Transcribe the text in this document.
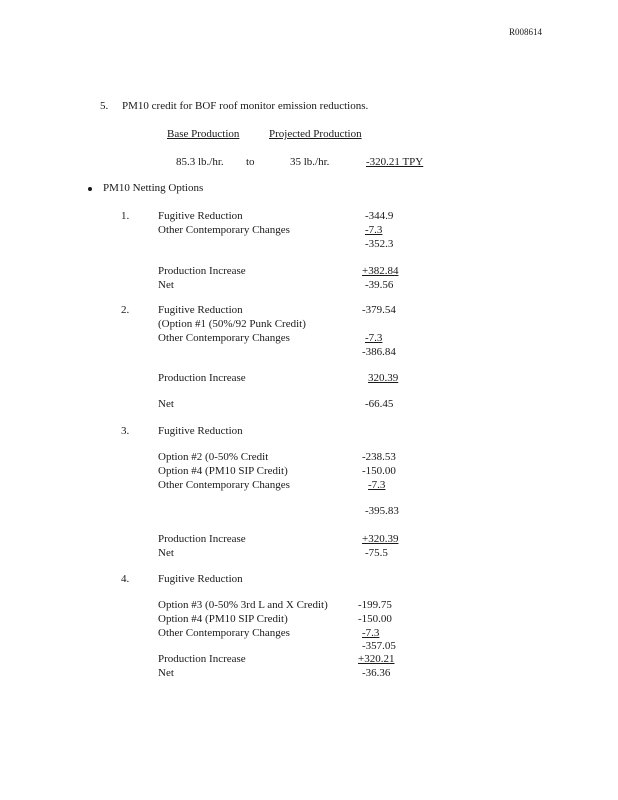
R008614
5. PM10 credit for BOF roof monitor emission reductions.
Base Production	Projected Production
85.3 lb./hr. to	35 lb./hr.	-320.21 TPY
PM10 Netting Options
1.	Fugitive Reduction	-344.9
Other Contemporary Changes	-7.3
-352.3
Production Increase	+382.84
Net	-39.56
2.	Fugitive Reduction	-379.54
(Option #1 (50%/92 Punk Credit)
Other Contemporary Changes	-7.3
-386.84
Production Increase	320.39
Net	-66.45
3.	Fugitive Reduction
Option #2 (0-50% Credit	-238.53
Option #4 (PM10 SIP Credit)	-150.00
Other Contemporary Changes	-7.3
-395.83
Production Increase	+320.39
Net	-75.5
4.	Fugitive Reduction
Option #3 (0-50% 3rd L and X Credit)	-199.75
Option #4 (PM10 SIP Credit)	-150.00
Other Contemporary Changes	-7.3
-357.05
Production Increase	+320.21
Net	-36.36
